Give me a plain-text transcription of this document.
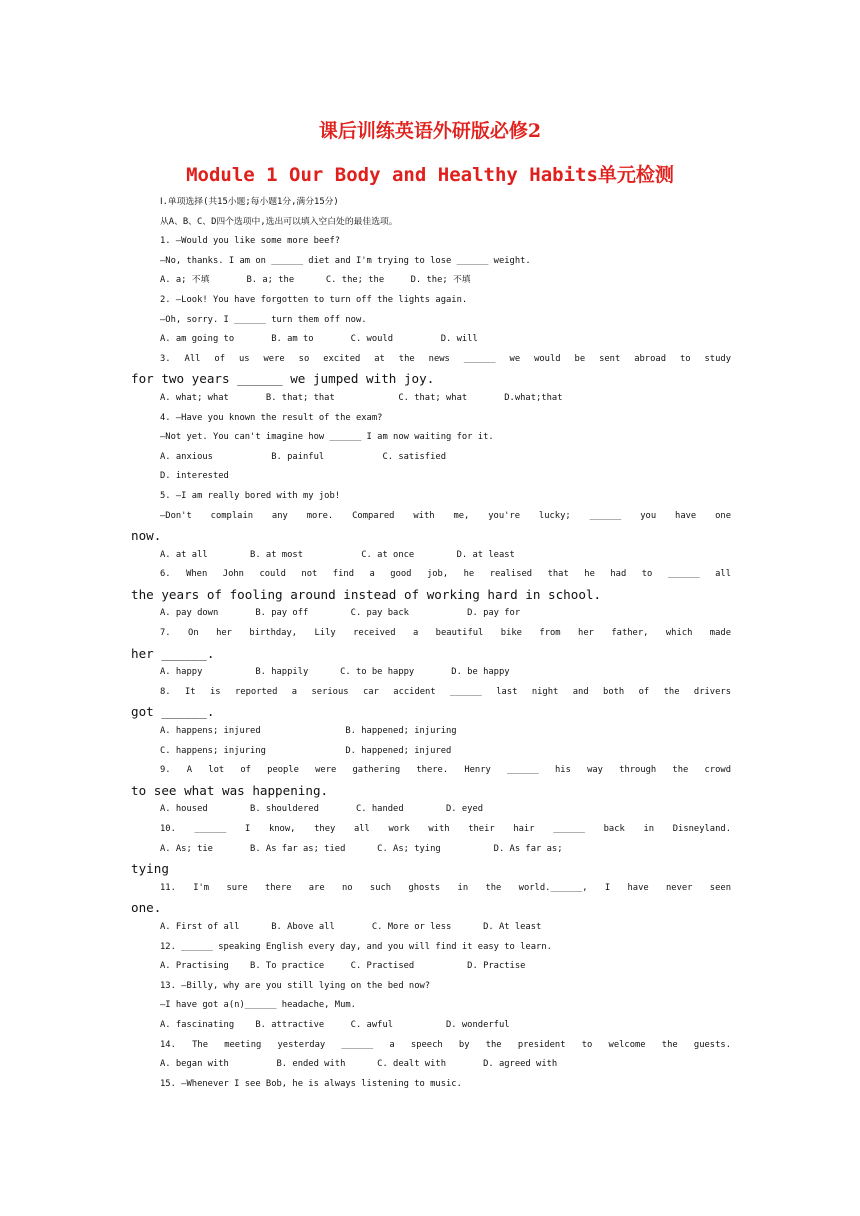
课后训练英语外研版必修2
Module 1 Our Body and Healthy Habits单元检测
Ⅰ.单项选择(共15小题;每小题1分,满分15分)
从A、B、C、D四个选项中,选出可以填入空白处的最佳选项。
1. —Would you like some more beef?
—No, thanks. I am on ______ diet and I'm trying to lose ______ weight.
A. a; 不填       B. a; the      C. the; the     D. the; 不填
2. —Look! You have forgotten to turn off the lights again.
—Oh, sorry. I ______ turn them off now.
A. am going to       B. am to       C. would         D. will
3. All of us were so excited at the news ______ we would be sent abroad to study
for two years ______ we jumped with joy.
A. what; what       B. that; that            C. that; what       D.what;that
4. —Have you known the result of the exam?
—Not yet. You can't imagine how ______ I am now waiting for it.
A. anxious           B. painful           C. satisfied
D. interested
5. —I am really bored with my job!
—Don't complain any more. Compared with me, you're lucky; ______ you have one
now.
A. at all        B. at most           C. at once        D. at least
6. When John could not find a good job, he realised that he had to ______ all
the years of fooling around instead of working hard in school.
A. pay down       B. pay off        C. pay back           D. pay for
7. On her birthday, Lily received a beautiful bike from her father, which made
her ______.
A. happy          B. happily      C. to be happy       D. be happy
8. It is reported a serious car accident ______ last night and both of the drivers
got ______.
A. happens; injured                B. happened; injuring
C. happens; injuring               D. happened; injured
9. A lot of people were gathering there. Henry ______ his way through the crowd
to see what was happening.
A. housed        B. shouldered       C. handed        D. eyed
10. ______ I know, they all work with their hair ______ back in Disneyland.
A. As; tie       B. As far as; tied      C. As; tying          D. As far as;
tying
11. I'm sure there are no such ghosts in the world.______, I have never seen
one.
A. First of all      B. Above all       C. More or less      D. At least
12. ______ speaking English every day, and you will find it easy to learn.
A. Practising    B. To practice     C. Practised          D. Practise
13. —Billy, why are you still lying on the bed now?
—I have got a(n)______ headache, Mum.
A. fascinating    B. attractive     C. awful          D. wonderful
14. The meeting yesterday ______ a speech by the president to welcome the guests.
A. began with         B. ended with      C. dealt with       D. agreed with
15. —Whenever I see Bob, he is always listening to music.
